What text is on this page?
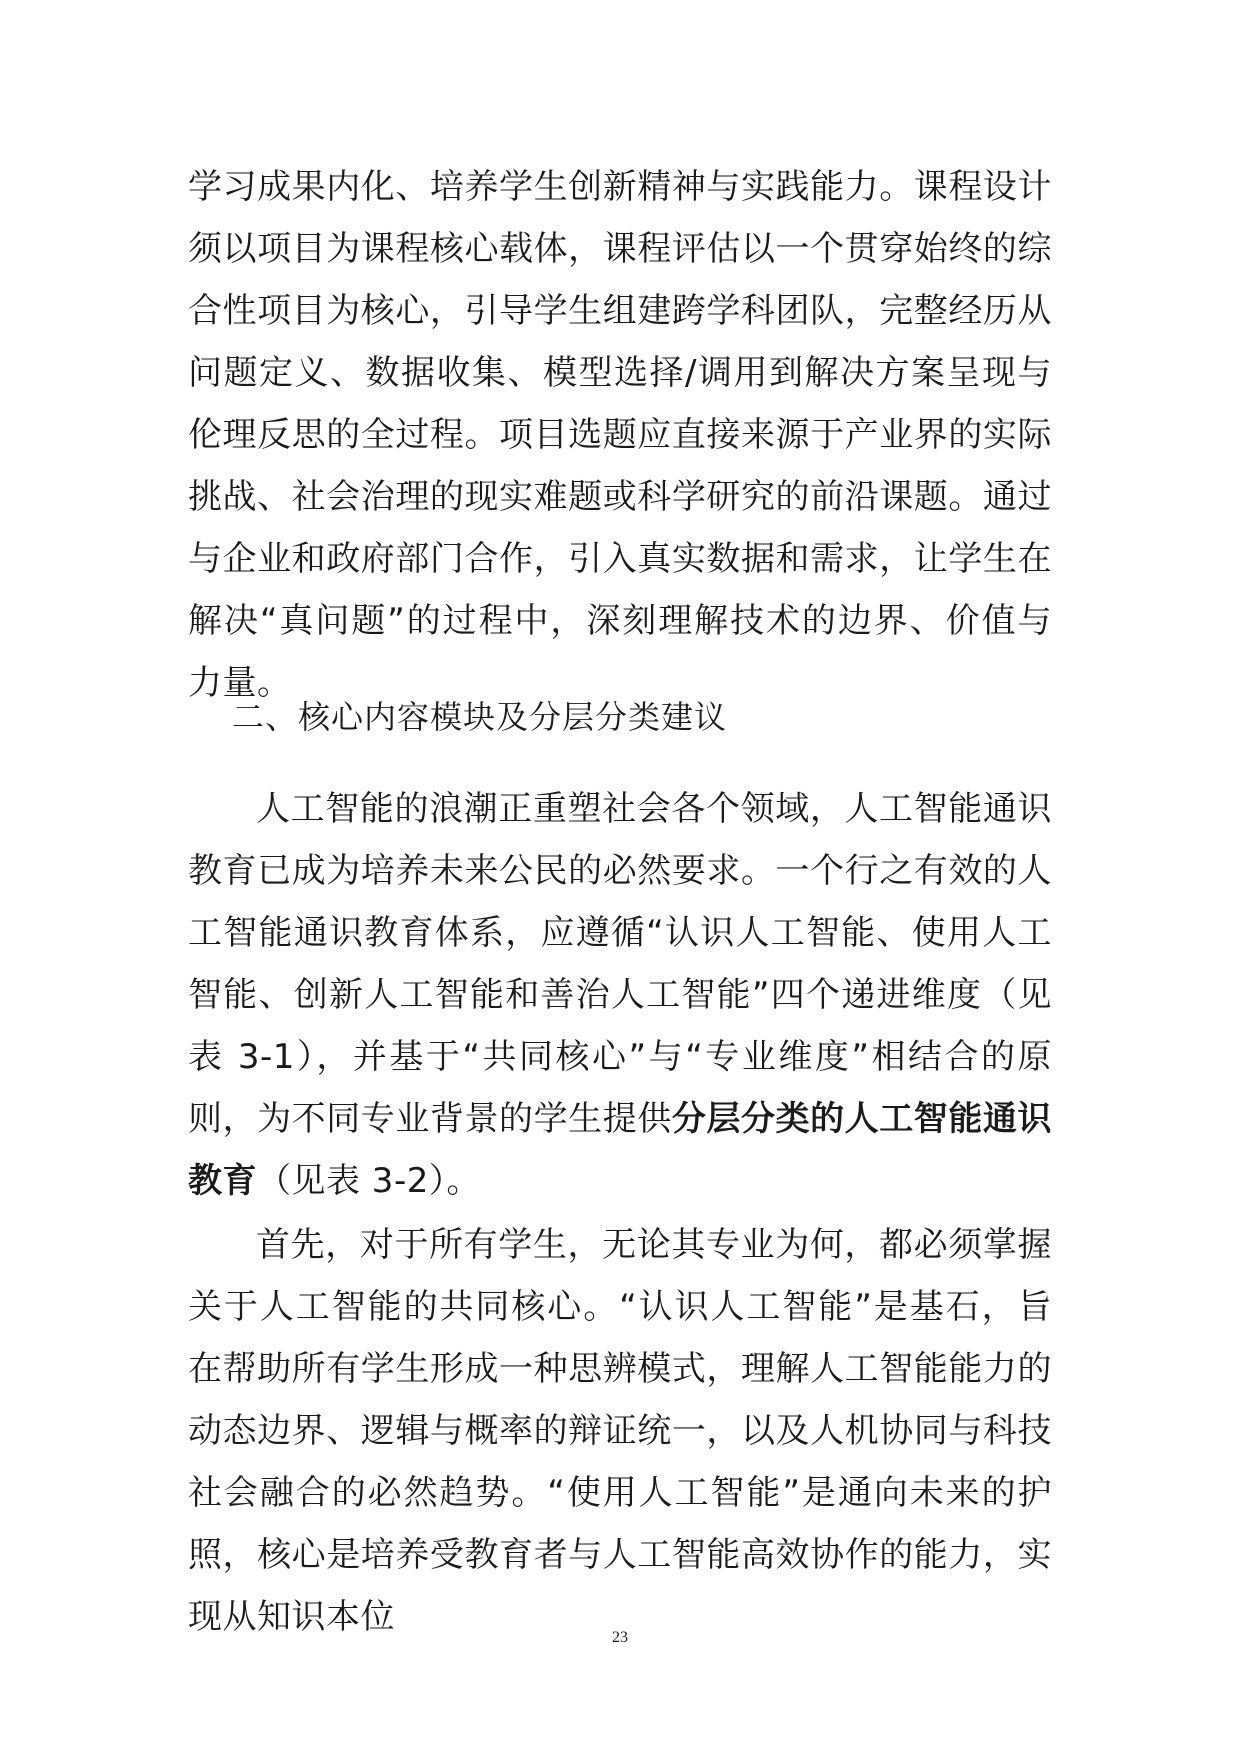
学习成果内化、培养学生创新精神与实践能力。课程设计须以项目为课程核心载体，课程评估以一个贯穿始终的综合性项目为核心，引导学生组建跨学科团队，完整经历从问题定义、数据收集、模型选择/调用到解决方案呈现与伦理反思的全过程。项目选题应直接来源于产业界的实际挑战、社会治理的现实难题或科学研究的前沿课题。通过与企业和政府部门合作，引入真实数据和需求，让学生在解决“真问题”的过程中，深刻理解技术的边界、价值与力量。
二、核心内容模块及分层分类建议
人工智能的浪潮正重塑社会各个领域，人工智能通识教育已成为培养未来公民的必然要求。一个行之有效的人工智能通识教育体系，应遵循“认识人工智能、使用人工智能、创新人工智能和善治人工智能”四个递进维度（见表 3-1），并基于“共同核心”与“专业维度”相结合的原则，为不同专业背景的学生提供分层分类的人工智能通识教育（见表 3-2）。
首先，对于所有学生，无论其专业为何，都必须掌握关于人工智能的共同核心。“认识人工智能”是基石，旨在帮助所有学生形成一种思辨模式，理解人工智能能力的动态边界、逻辑与概率的辩证统一，以及人机协同与科技社会融合的必然趋势。“使用人工智能”是通向未来的护照，核心是培养受教育者与人工智能高效协作的能力，实现从知识本位
23
